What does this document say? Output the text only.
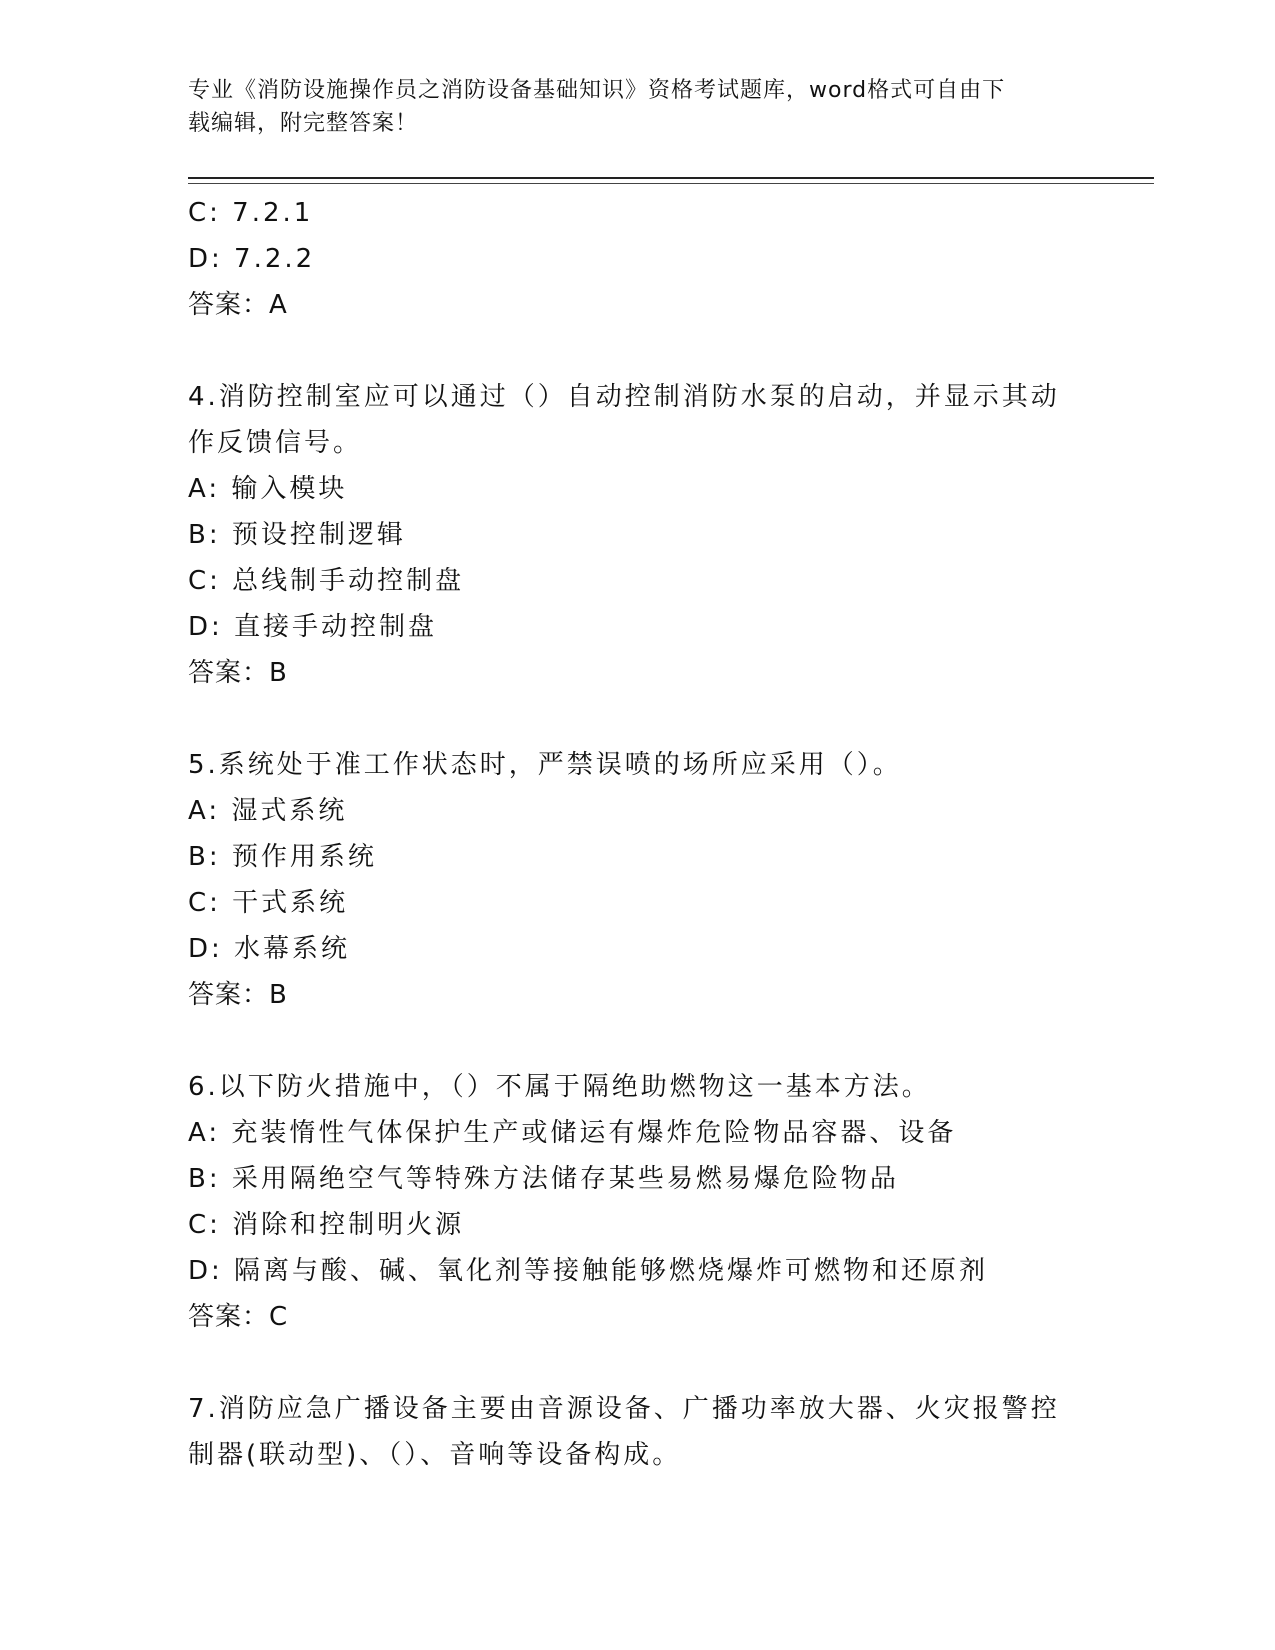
专业《消防设施操作员之消防设备基础知识》资格考试题库，word格式可自由下
载编辑，附完整答案！
C: 7.2.1
D: 7.2.2
答案：A
4.消防控制室应可以通过（）自动控制消防水泵的启动，并显示其动
作反馈信号。
A: 输入模块
B: 预设控制逻辑
C: 总线制手动控制盘
D: 直接手动控制盘
答案：B
5.系统处于准工作状态时，严禁误喷的场所应采用（）。
A: 湿式系统
B: 预作用系统
C: 干式系统
D: 水幕系统
答案：B
6.以下防火措施中，（）不属于隔绝助燃物这一基本方法。
A: 充装惰性气体保护生产或储运有爆炸危险物品容器、设备
B: 采用隔绝空气等特殊方法储存某些易燃易爆危险物品
C: 消除和控制明火源
D: 隔离与酸、碱、氧化剂等接触能够燃烧爆炸可燃物和还原剂
答案：C
7.消防应急广播设备主要由音源设备、广播功率放大器、火灾报警控
制器(联动型)、（）、音响等设备构成。
